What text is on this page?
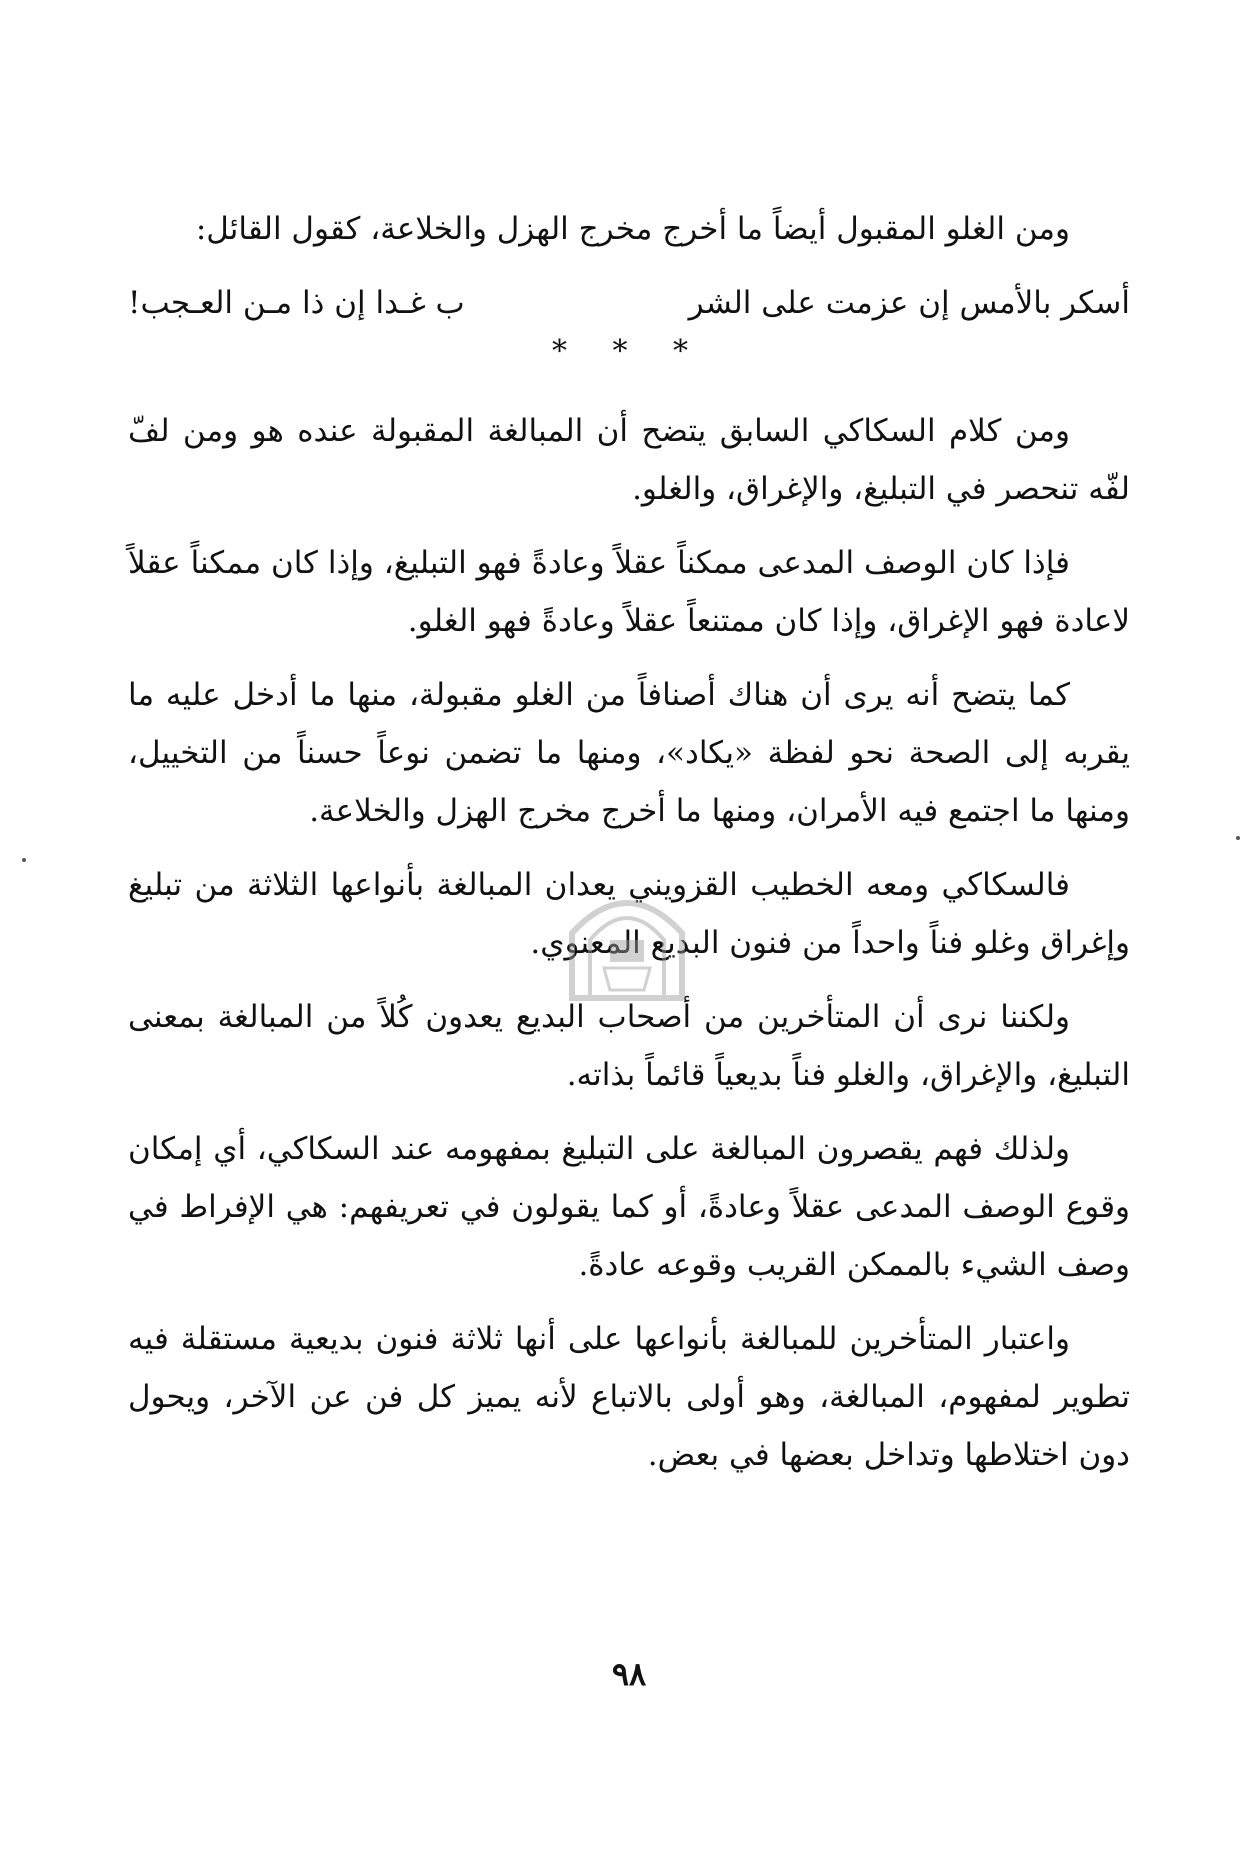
ومن الغلو المقبول أيضاً ما أخرج مخرج الهزل والخلاعة، كقول القائل:

أسكر بالأمس إن عزمت على الشر
ب غـدا إن ذا مـن العـجب!
* * *

ومن كلام السكاكي السابق يتضح أن المبالغة المقبولة عنده هو ومن لفّ لفّه تنحصر في التبليغ، والإغراق، والغلو.

فإذا كان الوصف المدعى ممكناً عقلاً وعادةً فهو التبليغ، وإذا كان ممكناً عقلاً لاعادة فهو الإغراق، وإذا كان ممتنعاً عقلاً وعادةً فهو الغلو.

كما يتضح أنه يرى أن هناك أصنافاً من الغلو مقبولة، منها ما أدخل عليه ما يقربه إلى الصحة نحو لفظة «يكاد»، ومنها ما تضمن نوعاً حسناً من التخييل، ومنها ما اجتمع فيه الأمران، ومنها ما أخرج مخرج الهزل والخلاعة.

فالسكاكي ومعه الخطيب القزويني يعدان المبالغة بأنواعها الثلاثة من تبليغ وإغراق وغلو فناً واحداً من فنون البديع المعنوي.

ولكننا نرى أن المتأخرين من أصحاب البديع يعدون كُلاً من المبالغة بمعنى التبليغ، والإغراق، والغلو فناً بديعياً قائماً بذاته.

ولذلك فهم يقصرون المبالغة على التبليغ بمفهومه عند السكاكي، أي إمكان وقوع الوصف المدعى عقلاً وعادةً، أو كما يقولون في تعريفهم: هي الإفراط في وصف الشيء بالممكن القريب وقوعه عادةً.

واعتبار المتأخرين للمبالغة بأنواعها على أنها ثلاثة فنون بديعية مستقلة فيه تطوير لمفهوم، المبالغة، وهو أولى بالاتباع لأنه يميز كل فن عن الآخر، ويحول دون اختلاطها وتداخل بعضها في بعض.

٩٨
